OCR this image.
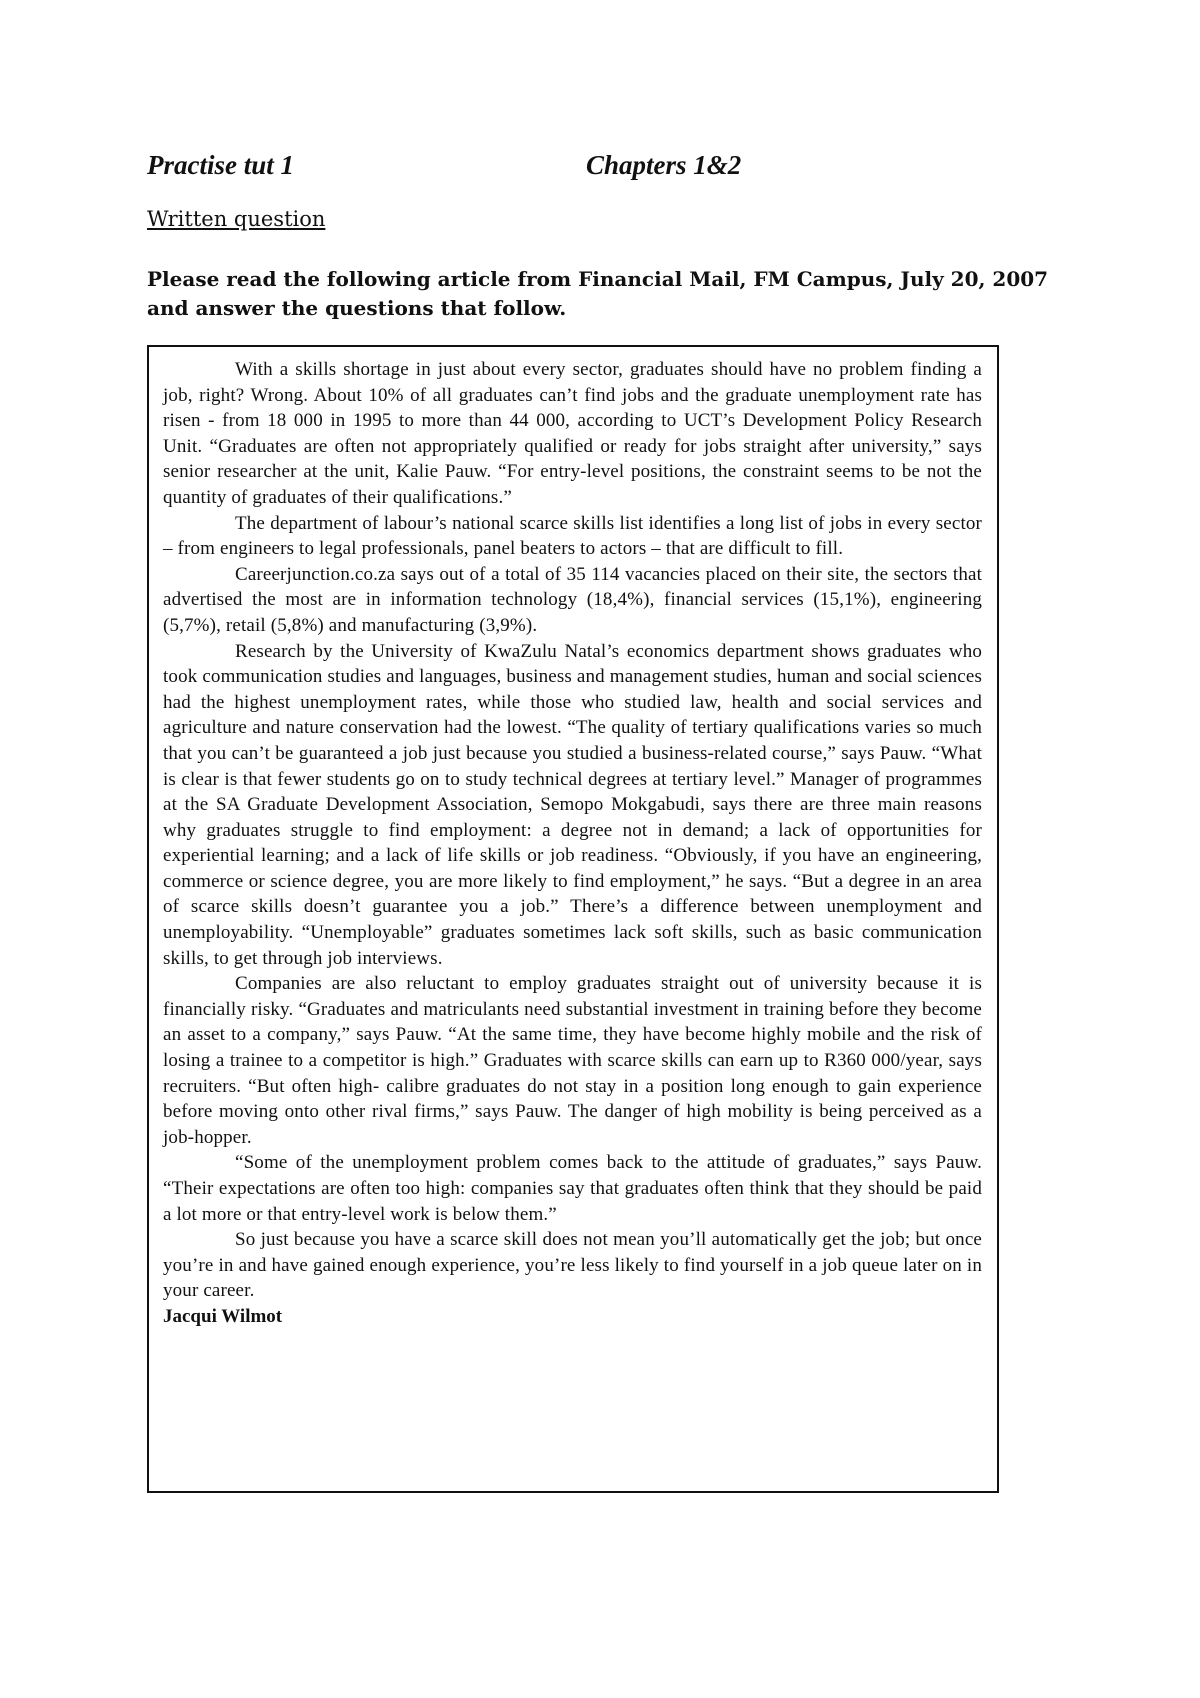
Practise tut 1	Chapters 1&2
Written question
Please read the following article from Financial Mail, FM Campus, July 20, 2007 and answer the questions that follow.

With a skills shortage in just about every sector, graduates should have no problem finding a job, right? Wrong. About 10% of all graduates can’t find jobs and the graduate unemployment rate has risen - from 18 000 in 1995 to more than 44 000, according to UCT’s Development Policy Research Unit. “Graduates are often not appropriately qualified or ready for jobs straight after university,” says senior researcher at the unit, Kalie Pauw. “For entry-level positions, the constraint seems to be not the quantity of graduates of their qualifications.”

The department of labour’s national scarce skills list identifies a long list of jobs in every sector – from engineers to legal professionals, panel beaters to actors – that are difficult to fill.

Careerjunction.co.za says out of a total of 35 114 vacancies placed on their site, the sectors that advertised the most are in information technology (18,4%), financial services (15,1%), engineering (5,7%), retail (5,8%) and manufacturing (3,9%).

Research by the University of KwaZulu Natal’s economics department shows graduates who took communication studies and languages, business and management studies, human and social sciences had the highest unemployment rates, while those who studied law, health and social services and agriculture and nature conservation had the lowest. “The quality of tertiary qualifications varies so much that you can’t be guaranteed a job just because you studied a business-related course,” says Pauw. “What is clear is that fewer students go on to study technical degrees at tertiary level.” Manager of programmes at the SA Graduate Development Association, Semopo Mokgabudi, says there are three main reasons why graduates struggle to find employment: a degree not in demand; a lack of opportunities for experiential learning; and a lack of life skills or job readiness. “Obviously, if you have an engineering, commerce or science degree, you are more likely to find employment,” he says. “But a degree in an area of scarce skills doesn’t guarantee you a job.” There’s a difference between unemployment and unemployability. “Unemployable” graduates sometimes lack soft skills, such as basic communication skills, to get through job interviews.

Companies are also reluctant to employ graduates straight out of university because it is financially risky. “Graduates and matriculants need substantial investment in training before they become an asset to a company,” says Pauw. “At the same time, they have become highly mobile and the risk of losing a trainee to a competitor is high.” Graduates with scarce skills can earn up to R360 000/year, says recruiters. “But often high- calibre graduates do not stay in a position long enough to gain experience before moving onto other rival firms,” says Pauw. The danger of high mobility is being perceived as a job-hopper.

“Some of the unemployment problem comes back to the attitude of graduates,” says Pauw. “Their expectations are often too high: companies say that graduates often think that they should be paid a lot more or that entry-level work is below them.”

So just because you have a scarce skill does not mean you’ll automatically get the job; but once you’re in and have gained enough experience, you’re less likely to find yourself in a job queue later on in your career.

Jacqui Wilmot
